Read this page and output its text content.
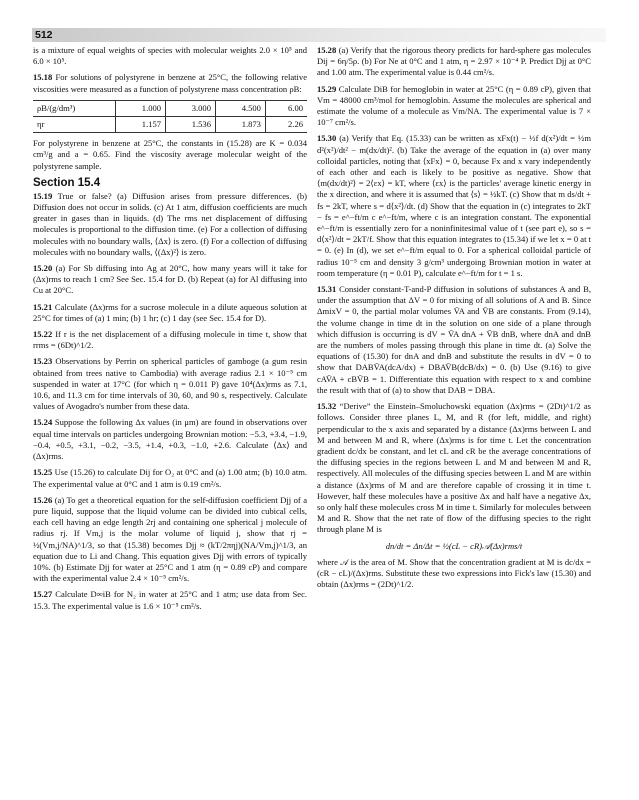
512

is a mixture of equal weights of species with molecular weights 2.0 × 10⁵ and 6.0 × 10⁵.

15.18 For solutions of polystyrene in benzene at 25°C, the following relative viscosities were measured as a function of polystyrene mass concentration ρB:

ρB/(g/dm³)	1.000	3.000	4.500	6.00
ηr	1.157	1.536	1.873	2.26

For polystyrene in benzene at 25°C, the constants in (15.28) are K = 0.034 cm³/g and a = 0.65. Find the viscosity average molecular weight of the polystyrene sample.

Section 15.4

15.19 True or false? (a) Diffusion arises from pressure differences. (b) Diffusion does not occur in solids. (c) At 1 atm, diffusion coefficients are much greater in gases than in liquids. (d) The rms net displacement of diffusing molecules is proportional to the diffusion time. (e) For a collection of diffusing molecules with no boundary walls, ⟨Δx⟩ is zero. (f) For a collection of diffusing molecules with no boundary walls, ⟨(Δx)²⟩ is zero.

15.20 (a) For Sb diffusing into Ag at 20°C, how many years will it take for (Δx)rms to reach 1 cm? See Sec. 15.4 for D. (b) Repeat (a) for Al diffusing into Cu at 20°C.

15.21 Calculate (Δx)rms for a sucrose molecule in a dilute aqueous solution at 25°C for times of (a) 1 min; (b) 1 hr; (c) 1 day (see Sec. 15.4 for D).

15.22 If r is the net displacement of a diffusing molecule in time t, show that rrms = (6Dt)^1/2.

15.23 Observations by Perrin on spherical particles of gamboge (a gum resin obtained from trees native to Cambodia) with average radius 2.1 × 10⁻⁵ cm suspended in water at 17°C (for which η = 0.011 P) gave 10⁴(Δx)rms as 7.1, 10.6, and 11.3 cm for time intervals of 30, 60, and 90 s, respectively. Calculate values of Avogadro's number from these data.

15.24 Suppose the following Δx values (in μm) are found in observations over equal time intervals on particles undergoing Brownian motion: −5.3, +3.4, −1.9, −0.4, +0.5, +3.1, −0.2, −3.5, +1.4, +0.3, −1.0, +2.6. Calculate ⟨Δx⟩ and (Δx)rms.

15.25 Use (15.26) to calculate Dij for O₂ at 0°C and (a) 1.00 atm; (b) 10.0 atm. The experimental value at 0°C and 1 atm is 0.19 cm²/s.

15.26 (a) To get a theoretical equation for the self-diffusion coefficient Djj of a pure liquid, suppose that the liquid volume can be divided into cubical cells, each cell having an edge length 2rj and containing one spherical j molecule of radius rj. If Vm,j is the molar volume of liquid j, show that rj = ½(Vm,j/NA)^1/3, so that (15.38) becomes Djj ≈ (kT/2πηj)(NA/Vm,j)^1/3, an equation due to Li and Chang. This equation gives Djj with errors of typically 10%. (b) Estimate Djj for water at 25°C and 1 atm (η = 0.89 cP) and compare with the experimental value 2.4 × 10⁻⁵ cm²/s.

15.27 Calculate D∞iB for N₂ in water at 25°C and 1 atm; use data from Sec. 15.3. The experimental value is 1.6 × 10⁻⁵ cm²/s.

15.28 (a) Verify that the rigorous theory predicts for hard-sphere gas molecules Dij = 6η/5ρ. (b) For Ne at 0°C and 1 atm, η = 2.97 × 10⁻⁴ P. Predict Djj at 0°C and 1.00 atm. The experimental value is 0.44 cm²/s.

15.29 Calculate DiB for hemoglobin in water at 25°C (η = 0.89 cP), given that Vm = 48000 cm³/mol for hemoglobin. Assume the molecules are spherical and estimate the volume of a molecule as Vm/NA. The experimental value is 7 × 10⁻⁷ cm²/s.

15.30 (a) Verify that Eq. (15.33) can be written as xFx(t) − ½f d(x²)/dt = ½m d²(x²)/dt² − m(dx/dt)². (b) Take the average of the equation in (a) over many colloidal particles, noting that ⟨xFx⟩ = 0, because Fx and x vary independently of each other and each is likely to be positive as negative. Show that ⟨m(dx/dt)²⟩ = 2⟨εx⟩ = kT, where ⟨εx⟩ is the particles' average kinetic energy in the x direction, and where it is assumed that ⟨s⟩ = ½kT. (c) Show that m ds/dt + fs = 2kT, where s = d⟨x²⟩/dt. (d) Show that the equation in (c) integrates to 2kT − fs = e^−ft/m c e^−ft/m, where c is an integration constant. The exponential e^−ft/m is essentially zero for a noninfinitesimal value of t (see part e), so s = d⟨x²⟩/dt = 2kT/f. Show that this equation integrates to (15.34) if we let x = 0 at t = 0. (e) In (d), we set e^−ft/m equal to 0. For a spherical colloidal particle of radius 10⁻⁵ cm and density 3 g/cm³ undergoing Brownian motion in water at room temperature (η = 0.01 P), calculate e^−ft/m for t = 1 s.

15.31 Consider constant-T-and-P diffusion in solutions of substances A and B, under the assumption that ΔV = 0 for mixing of all solutions of A and B. Since ΔmixV = 0, the partial molar volumes V̄A and V̄B are constants. From (9.14), the volume change in time dt in the solution on one side of a plane through which diffusion is occurring is dV = V̄A dnA + V̄B dnB, where dnA and dnB are the numbers of moles passing through this plane in time dt. (a) Solve the equations of (15.30) for dnA and dnB and substitute the results in dV = 0 to show that DABV̄A(dcA/dx) + DBAV̄B(dcB/dx) = 0. (b) Use (9.16) to give cAV̄A + cBV̄B = 1. Differentiate this equation with respect to x and combine the result with that of (a) to show that DAB = DBA.

15.32 “Derive” the Einstein–Smoluchowski equation (Δx)rms = (2Dt)^1/2 as follows. Consider three planes L, M, and R (for left, middle, and right) perpendicular to the x axis and separated by a distance (Δx)rms between L and M and between M and R, where (Δx)rms is for time t. Let the concentration gradient dc/dx be constant, and let cL and cR be the average concentrations of the diffusing species in the regions between L and M and between M and R, respectively. All molecules of the diffusing species between L and M are within a distance (Δx)rms of M and are therefore capable of crossing it in time t. However, half these molecules have a positive Δx and half have a negative Δx, so only half these molecules cross M in time t. Similarly for molecules between M and R. Show that the net rate of flow of the diffusing species to the right through plane M is

dn/dt = Δn/Δt = ½(cL − cR)𝒜(Δx)rms/t

where 𝒜 is the area of M. Show that the concentration gradient at M is dc/dx = (cR − cL)/(Δx)rms. Substitute these two expressions into Fick's law (15.30) and obtain (Δx)rms = (2Dt)^1/2.
